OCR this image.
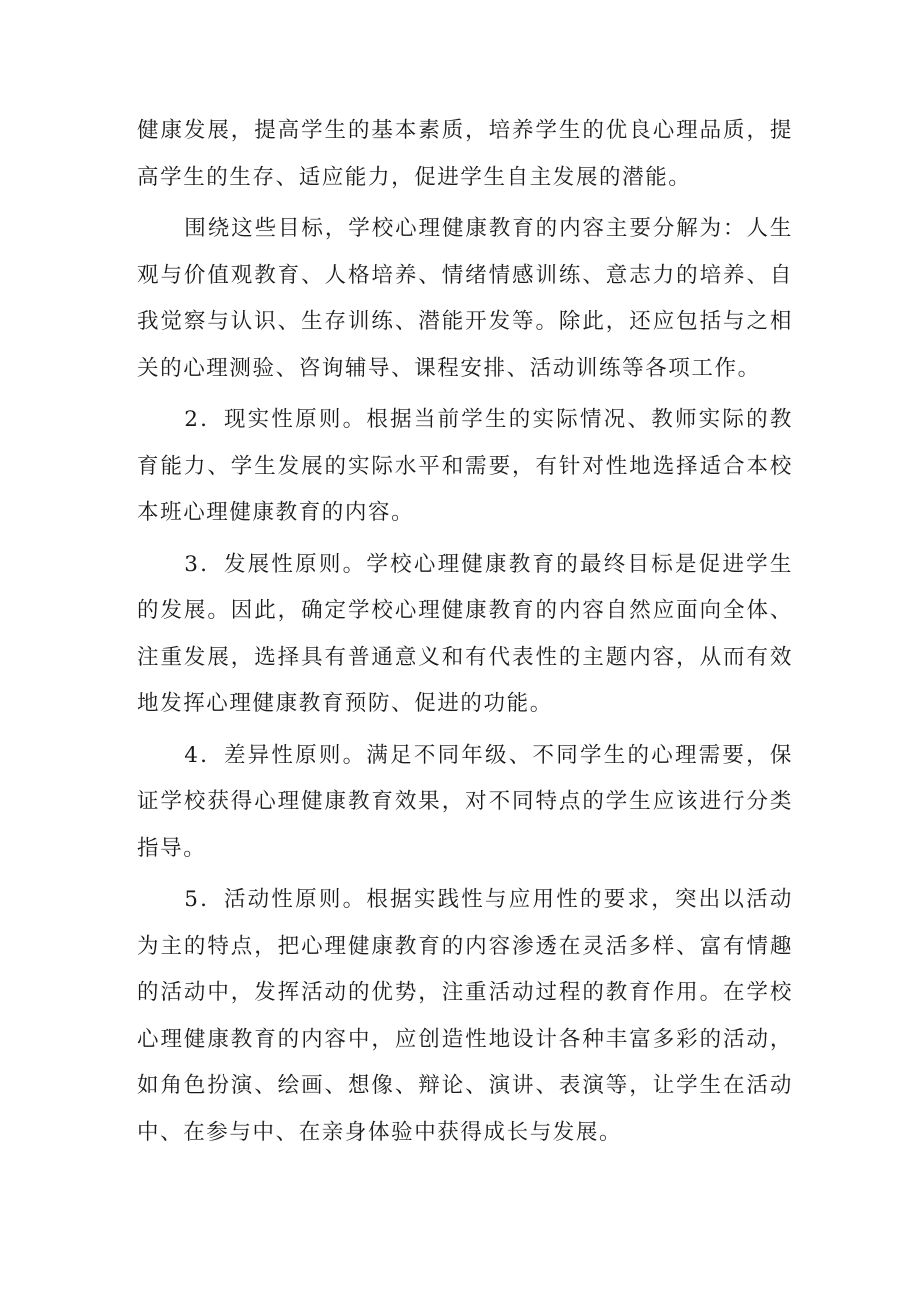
健康发展，提高学生的基本素质，培养学生的优良心理品质，提高学生的生存、适应能力，促进学生自主发展的潜能。

围绕这些目标，学校心理健康教育的内容主要分解为：人生观与价值观教育、人格培养、情绪情感训练、意志力的培养、自我觉察与认识、生存训练、潜能开发等。除此，还应包括与之相关的心理测验、咨询辅导、课程安排、活动训练等各项工作。

2．现实性原则。根据当前学生的实际情况、教师实际的教育能力、学生发展的实际水平和需要，有针对性地选择适合本校本班心理健康教育的内容。

3．发展性原则。学校心理健康教育的最终目标是促进学生的发展。因此，确定学校心理健康教育的内容自然应面向全体、注重发展，选择具有普通意义和有代表性的主题内容，从而有效地发挥心理健康教育预防、促进的功能。

4．差异性原则。满足不同年级、不同学生的心理需要，保证学校获得心理健康教育效果，对不同特点的学生应该进行分类指导。

5．活动性原则。根据实践性与应用性的要求，突出以活动为主的特点，把心理健康教育的内容渗透在灵活多样、富有情趣的活动中，发挥活动的优势，注重活动过程的教育作用。在学校心理健康教育的内容中，应创造性地设计各种丰富多彩的活动，如角色扮演、绘画、想像、辩论、演讲、表演等，让学生在活动中、在参与中、在亲身体验中获得成长与发展。
